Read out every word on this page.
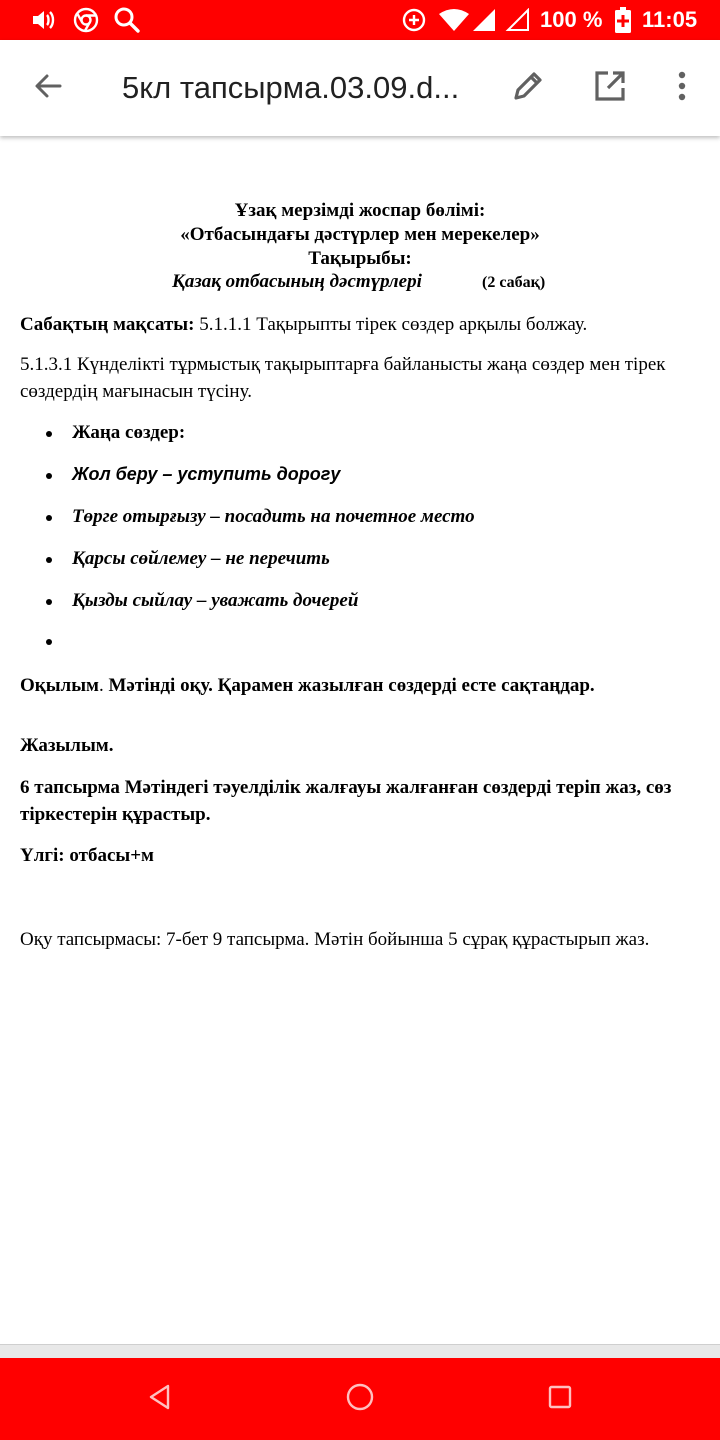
100 % 11:05
5кл тапсырма.03.09.d...
Ұзақ мерзімді жоспар бөлімі:
«Отбасындағы дәстүрлер мен мерекелер»
Тақырыбы:
Қазақ отбасының дәстүрлері	(2 сабақ)
Сабақтың мақсаты: 5.1.1.1 Тақырыпты тірек сөздер арқылы болжау.
5.1.3.1 Күнделікті тұрмыстық тақырыптарға байланысты жаңа сөздер мен тірек сөздердің мағынасын түсіну.
Жаңа сөздер:
Жол беру – уступить дорогу
Төрге отырғызу – посадить на почетное место
Қарсы сөйлемеу – не перечить
Қызды сыйлау – уважать дочерей
Оқылым. Мәтінді оқу. Қарамен жазылған сөздерді есте сақтаңдар.
Жазылым.
6 тапсырма Мәтіндегі тәуелділік жалғауы жалғанған сөздерді теріп жаз, сөз тіркестерін құрастыр.
Үлгі: отбасы+м
Оқу тапсырмасы: 7-бет 9 тапсырма. Мәтін бойынша 5 сұрақ құрастырып жаз.
